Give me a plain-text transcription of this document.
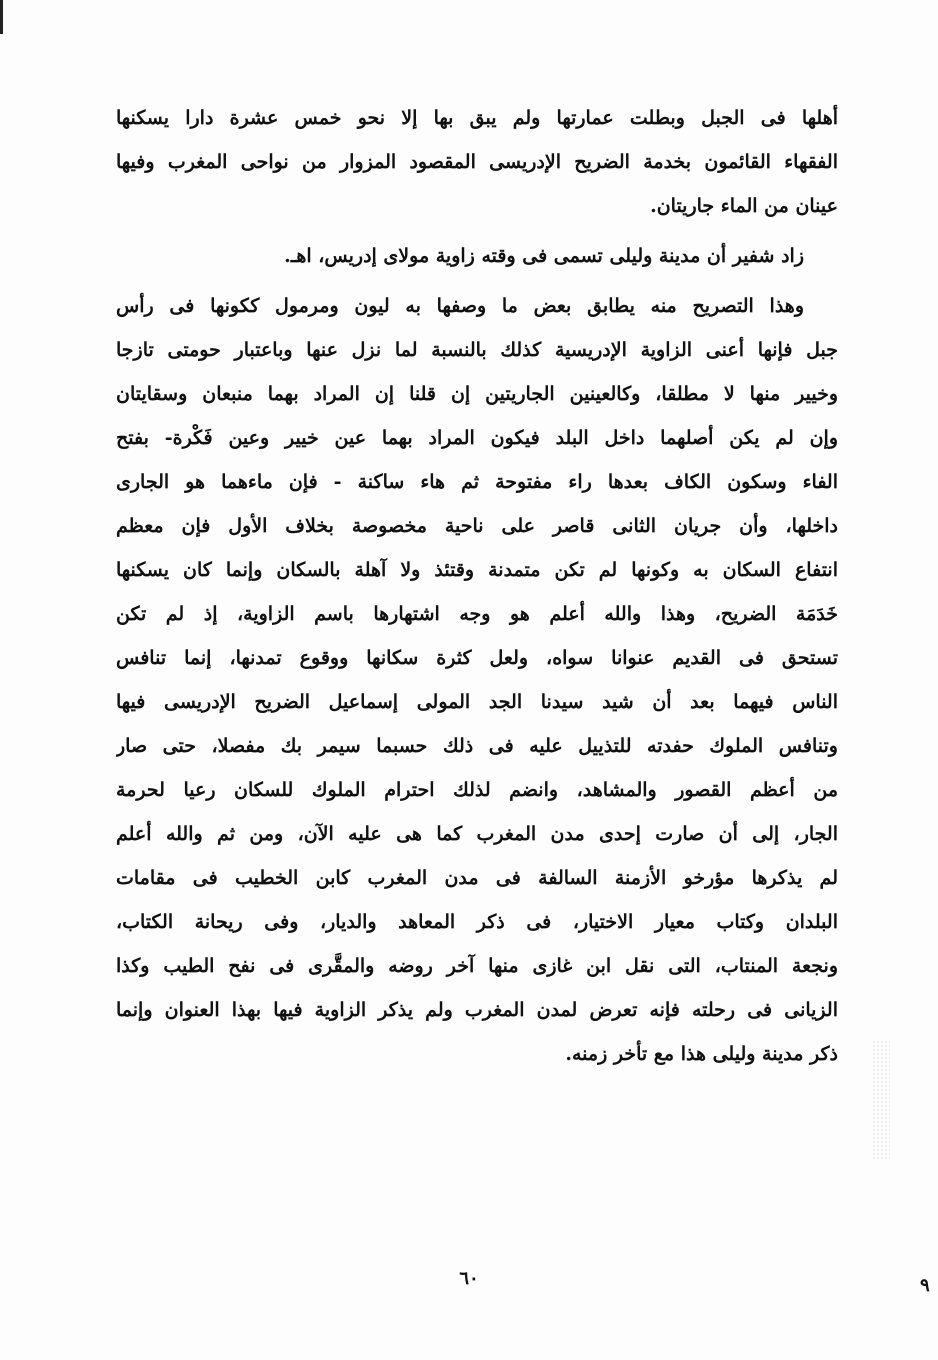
أهلها فى الجبل وبطلت عمارتها ولم يبق بها إلا نحو خمس عشرة دارا يسكنها
الفقهاء القائمون بخدمة الضريح الإدريسى المقصود المزوار من نواحى المغرب وفيها
عينان من الماء جاريتان.
زاد شفير أن مدينة وليلى تسمى فى وقته زاوية مولاى إدريس، اهـ.
وهذا التصريح منه يطابق بعض ما وصفها به ليون ومرمول ككونها فى رأس
جبل فإنها أعنى الزاوية الإدريسية كذلك بالنسبة لما نزل عنها وباعتبار حومتى تازجا
وخيير منها لا مطلقا، وكالعينين الجاريتين إن قلنا إن المراد بهما منبعان وسقايتان
وإن لم يكن أصلهما داخل البلد فيكون المراد بهما عين خيير وعين فَكْرة- بفتح
الفاء وسكون الكاف بعدها راء مفتوحة ثم هاء ساكنة - فإن ماءهما هو الجارى
داخلها، وأن جريان الثانى قاصر على ناحية مخصوصة بخلاف الأول فإن معظم
انتفاع السكان به وكونها لم تكن متمدنة وقتئذ ولا آهلة بالسكان وإنما كان يسكنها
خَدَمَة الضريح، وهذا والله أعلم هو وجه اشتهارها باسم الزاوية، إذ لم تكن
تستحق فى القديم عنوانا سواه، ولعل كثرة سكانها ووقوع تمدنها، إنما تنافس
الناس فيهما بعد أن شيد سيدنا الجد المولى إسماعيل الضريح الإدريسى فيها
وتنافس الملوك حفدته للتذييل عليه فى ذلك حسبما سيمر بك مفصلا، حتى صار
من أعظم القصور والمشاهد، وانضم لذلك احترام الملوك للسكان رعيا لحرمة
الجار، إلى أن صارت إحدى مدن المغرب كما هى عليه الآن، ومن ثم والله أعلم
لم يذكرها مؤرخو الأزمنة السالفة فى مدن المغرب كابن الخطيب فى مقامات
البلدان وكتاب معيار الاختيار، فى ذكر المعاهد والديار، وفى ريحانة الكتاب،
ونجعة المنتاب، التى نقل ابن غازى منها آخر روضه والمقَّرى فى نفح الطيب وكذا
الزيانى فى رحلته فإنه تعرض لمدن المغرب ولم يذكر الزاوية فيها بهذا العنوان وإنما
ذكر مدينة وليلى هذا مع تأخر زمنه.
٦٠	٩
